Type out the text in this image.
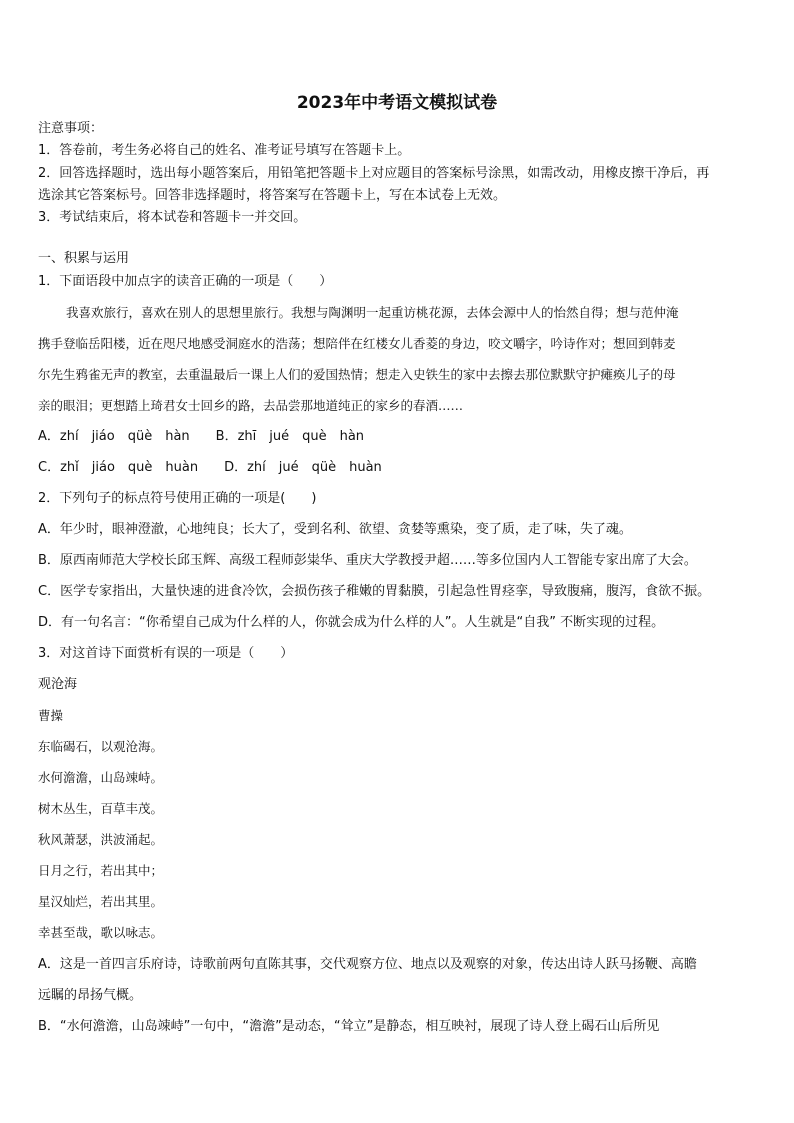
2023年中考语文模拟试卷
注意事项：
1．答卷前，考生务必将自己的姓名、准考证号填写在答题卡上。
2．回答选择题时，选出每小题答案后，用铅笔把答题卡上对应题目的答案标号涂黑，如需改动，用橡皮擦干净后，再
选涂其它答案标号。回答非选择题时，将答案写在答题卡上，写在本试卷上无效。
3．考试结束后，将本试卷和答题卡一并交回。
一、积累与运用
1．下面语段中加点字的读音正确的一项是（　　）
我喜欢旅行，喜欢在别人的思想里旅行。我想与陶渊明一起重访桃花源，去体会源中人的怡然自得；想与范仲淹
携手登临岳阳楼，近在咫尺地感受洞庭水的浩荡；想陪伴在红楼女儿香菱的身边，咬文嚼字，吟诗作对；想回到韩麦
尔先生鸦雀无声的教室，去重温最后一课上人们的爱国热情；想走入史铁生的家中去擦去那位默默守护瘫痪儿子的母
亲的眼泪；更想踏上琦君女士回乡的路，去品尝那地道纯正的家乡的春酒……
A．zhí　jiáo　qüè　hàn　　B．zhī　jué　què　hàn
C．zhǐ　jiáo　què　huàn　　D．zhí　jué　qüè　huàn
2．下列句子的标点符号使用正确的一项是(　　)
A．年少时，眼神澄澈，心地纯良；长大了，受到名利、欲望、贪婪等熏染，变了质，走了味，失了魂。
B．原西南师范大学校长邱玉辉、高级工程师彭粜华、重庆大学教授尹超……等多位国内人工智能专家出席了大会。
C．医学专家指出，大量快速的进食冷饮，会损伤孩子稚嫩的胃黏膜，引起急性胃痉挛，导致腹痛，腹泻，食欲不振。
D．有一句名言：“你希望自己成为什么样的人，你就会成为什么样的人”。人生就是“自我” 不断实现的过程。
3．对这首诗下面赏析有误的一项是（　　）
观沧海
曹操
东临碣石，以观沧海。
水何澹澹，山岛竦峙。
树木丛生，百草丰茂。
秋风萧瑟，洪波涌起。
日月之行，若出其中；
星汉灿烂，若出其里。
幸甚至哉，歌以咏志。
A．这是一首四言乐府诗，诗歌前两句直陈其事，交代观察方位、地点以及观察的对象，传达出诗人跃马扬鞭、高瞻
远瞩的昂扬气概。
B．“水何澹澹，山岛竦峙”一句中，“澹澹”是动态，“耸立”是静态，相互映衬，展现了诗人登上碣石山后所见
